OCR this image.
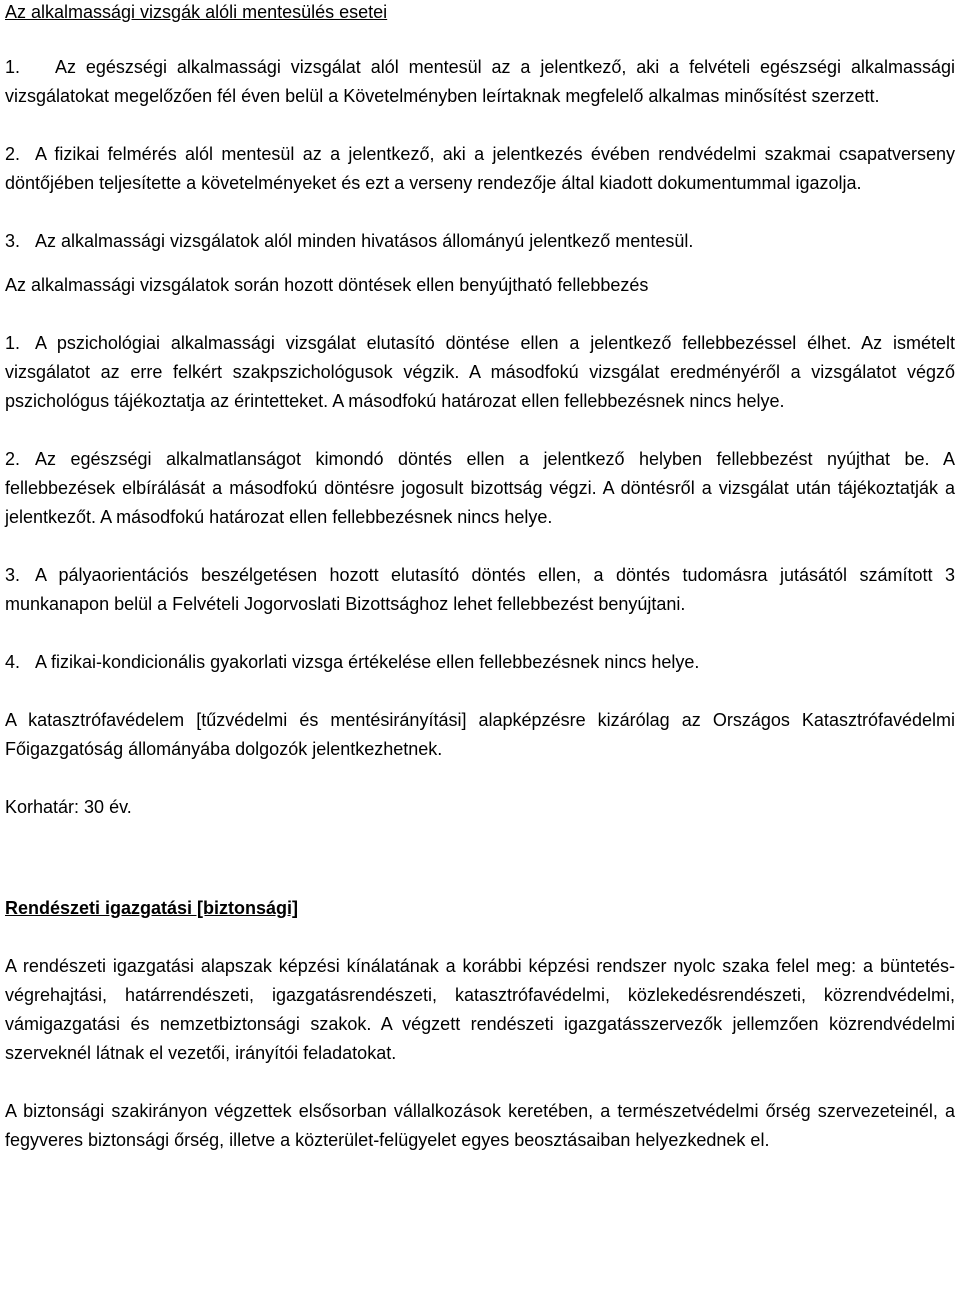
Az alkalmassági vizsgák alóli mentesülés esetei

1. Az egészségi alkalmassági vizsgálat alól mentesül az a jelentkező, aki a felvételi egészségi alkalmassági vizsgálatokat megelőzően fél éven belül a Követelményben leírtaknak megfelelő alkalmas minősítést szerzett.

2. A fizikai felmérés alól mentesül az a jelentkező, aki a jelentkezés évében rendvédelmi szakmai csapatverseny döntőjében teljesítette a követelményeket és ezt a verseny rendezője által kiadott dokumentummal igazolja.

3. Az alkalmassági vizsgálatok alól minden hivatásos állományú jelentkező mentesül.

Az alkalmassági vizsgálatok során hozott döntések ellen benyújtható fellebbezés

1. A pszichológiai alkalmassági vizsgálat elutasító döntése ellen a jelentkező fellebbezéssel élhet. Az ismételt vizsgálatot az erre felkért szakpszichológusok végzik. A másodfokú vizsgálat eredményéről a vizsgálatot végző pszichológus tájékoztatja az érintetteket. A másodfokú határozat ellen fellebbezésnek nincs helye.

2. Az egészségi alkalmatlanságot kimondó döntés ellen a jelentkező helyben fellebbezést nyújthat be. A fellebbezések elbírálását a másodfokú döntésre jogosult bizottság végzi. A döntésről a vizsgálat után tájékoztatják a jelentkezőt. A másodfokú határozat ellen fellebbezésnek nincs helye.

3. A pályaorientációs beszélgetésen hozott elutasító döntés ellen, a döntés tudomásra jutásától számított 3 munkanapon belül a Felvételi Jogorvoslati Bizottsághoz lehet fellebbezést benyújtani.

4. A fizikai-kondicionális gyakorlati vizsga értékelése ellen fellebbezésnek nincs helye.

A katasztrófavédelem [tűzvédelmi és mentésirányítási] alapképzésre kizárólag az Országos Katasztrófavédelmi Főigazgatóság állományába dolgozók jelentkezhetnek.

Korhatár: 30 év.

Rendészeti igazgatási [biztonsági]

A rendészeti igazgatási alapszak képzési kínálatának a korábbi képzési rendszer nyolc szaka felel meg: a büntetés-végrehajtási, határrendészeti, igazgatásrendészeti, katasztrófavédelmi, közlekedésrendészeti, közrendvédelmi, vámigazgatási és nemzetbiztonsági szakok. A végzett rendészeti igazgatásszervezők jellemzően közrendvédelmi szerveknél látnak el vezetői, irányítói feladatokat.

A biztonsági szakirányon végzettek elsősorban vállalkozások keretében, a természetvédelmi őrség szervezeteinél, a fegyveres biztonsági őrség, illetve a közterület-felügyelet egyes beosztásaiban helyezkednek el.
